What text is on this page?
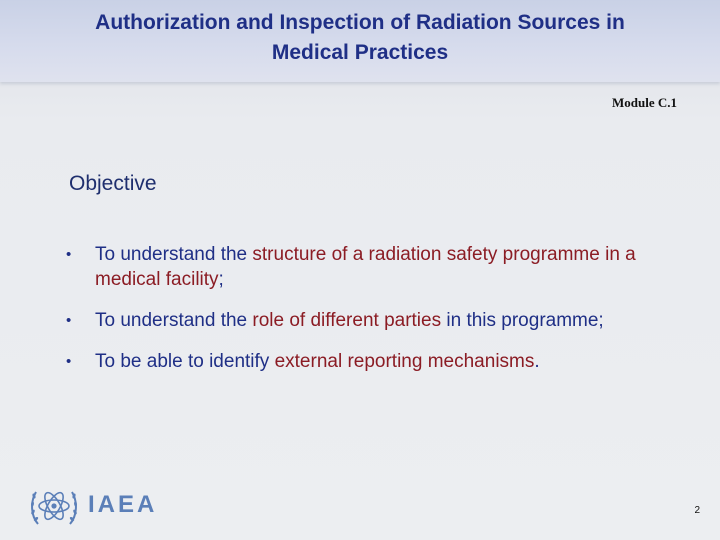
Authorization and Inspection of Radiation Sources in
Medical Practices
Module C.1
Objective
• To understand the structure of a radiation safety programme in a medical facility;
• To understand the role of different parties in this programme;
• To be able to identify external reporting mechanisms.
IAEA	2
